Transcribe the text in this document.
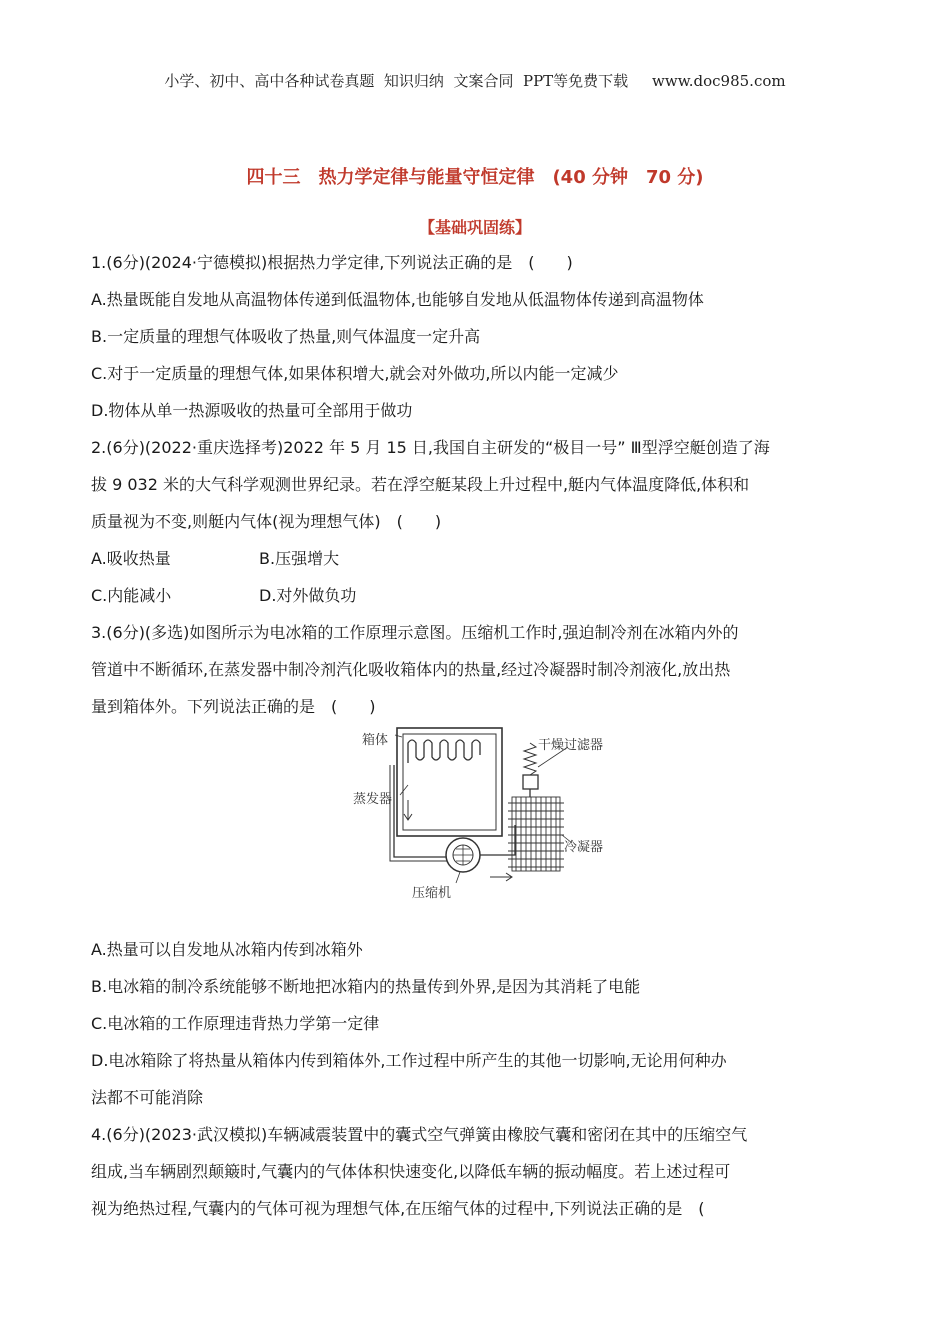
小学、初中、高中各种试卷真题  知识归纳  文案合同  PPT等免费下载     www.doc985.com
四十三　热力学定律与能量守恒定律　(40 分钟　70 分)
【基础巩固练】

1.(6分)(2024·宁德模拟)根据热力学定律,下列说法正确的是　(　　)

A.热量既能自发地从高温物体传递到低温物体,也能够自发地从低温物体传递到高温物体

B.一定质量的理想气体吸收了热量,则气体温度一定升高

C.对于一定质量的理想气体,如果体积增大,就会对外做功,所以内能一定减少

D.物体从单一热源吸收的热量可全部用于做功

2.(6分)(2022·重庆选择考)2022 年 5 月 15 日,我国自主研发的“极目一号” Ⅲ型浮空艇创造了海

拔 9 032 米的大气科学观测世界纪录。若在浮空艇某段上升过程中,艇内气体温度降低,体积和

质量视为不变,则艇内气体(视为理想气体)　(　　)

A.吸收热量	B.压强增大
C.内能减小	D.对外做负功

3.(6分)(多选)如图所示为电冰箱的工作原理示意图。压缩机工作时,强迫制冷剂在冰箱内外的

管道中不断循环,在蒸发器中制冷剂汽化吸收箱体内的热量,经过冷凝器时制冷剂液化,放出热

量到箱体外。下列说法正确的是　(　　)

箱体	干燥过滤器
蒸发器
冷凝器
压缩机

A.热量可以自发地从冰箱内传到冰箱外

B.电冰箱的制冷系统能够不断地把冰箱内的热量传到外界,是因为其消耗了电能

C.电冰箱的工作原理违背热力学第一定律

D.电冰箱除了将热量从箱体内传到箱体外,工作过程中所产生的其他一切影响,无论用何种办

法都不可能消除

4.(6分)(2023·武汉模拟)车辆减震装置中的囊式空气弹簧由橡胶气囊和密闭在其中的压缩空气

组成,当车辆剧烈颠簸时,气囊内的气体体积快速变化,以降低车辆的振动幅度。若上述过程可

视为绝热过程,气囊内的气体可视为理想气体,在压缩气体的过程中,下列说法正确的是　(
